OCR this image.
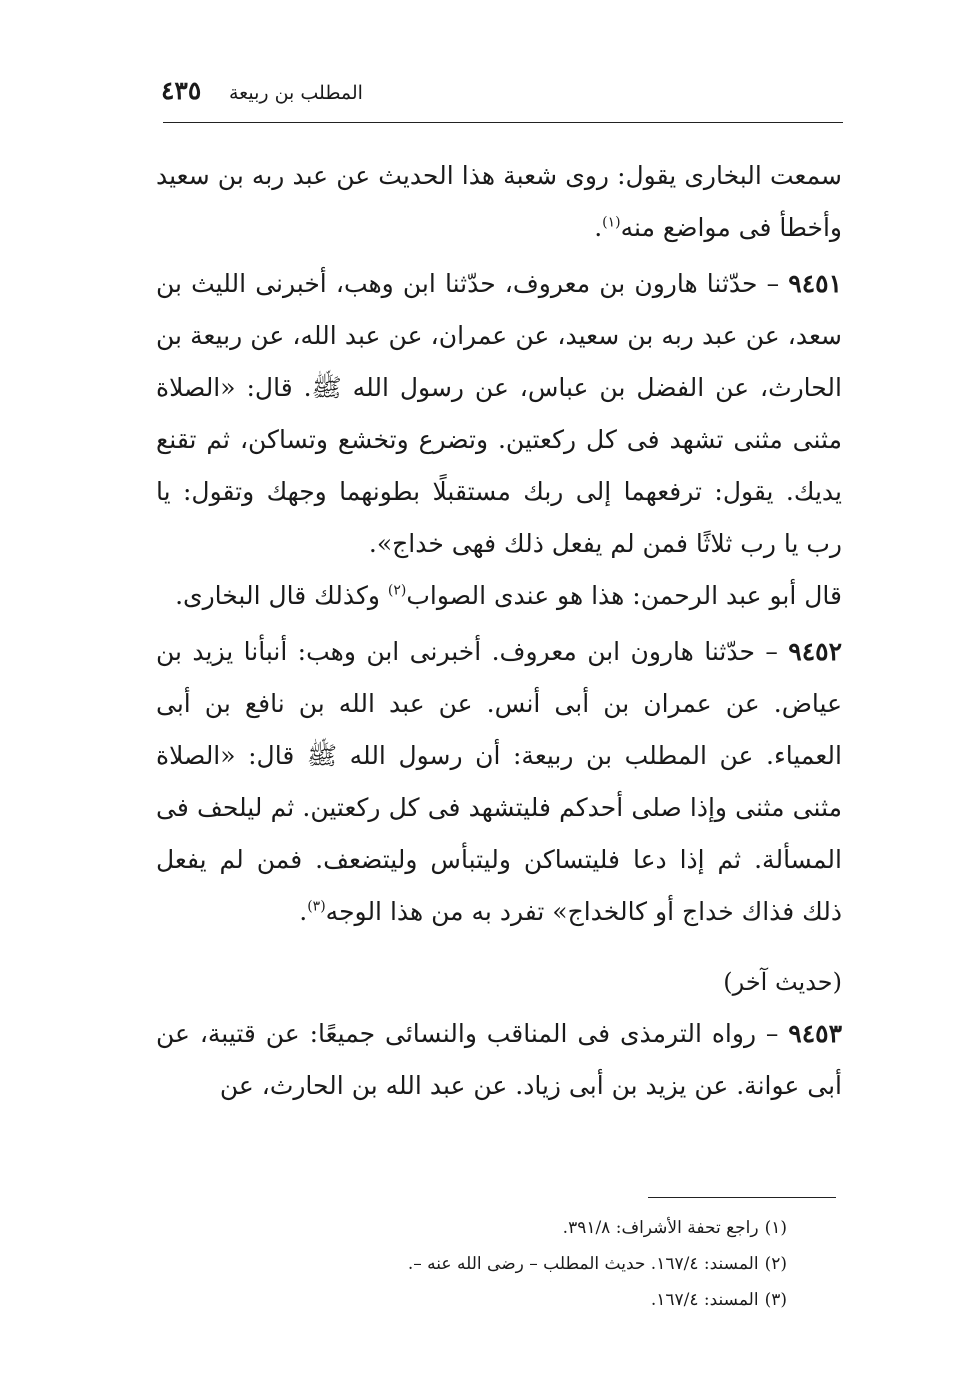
المطلب بن ربيعة
٤٣٥

سمعت البخارى يقول: روى شعبة هذا الحديث عن عبد ربه بن سعيد وأخطأ فى مواضع منه$^{(١)}$.

٩٤٥١ – حدّثنا هارون بن معروف، حدّثنا ابن وهب، أخبرنى الليث بن سعد، عن عبد ربه بن سعيد، عن عمران، عن عبد الله، عن ربيعة بن الحارث، عن الفضل بن عباس، عن رسول الله ﷺ. قال: «الصلاة مثنى مثنى تشهد فى كل ركعتين. وتضرع وتخشع وتساكن، ثم تقنع يديك. يقول: ترفعهما إلى ربك مستقبلًا بطونهما وجهك وتقول: يا رب يا رب ثلاثًا فمن لم يفعل ذلك فهى خداج».

قال أبو عبد الرحمن: هذا هو عندى الصواب$^{(٢)}$ وكذلك قال البخارى.

٩٤٥٢ – حدّثنا هارون ابن معروف. أخبرنى ابن وهب: أنبأنا يزيد بن عياض. عن عمران بن أبى أنس. عن عبد الله بن نافع بن أبى العمياء. عن المطلب بن ربيعة: أن رسول الله ﷺ قال: «الصلاة مثنى مثنى وإذا صلى أحدكم فليتشهد فى كل ركعتين. ثم ليلحف فى المسألة. ثم إذا دعا فليتساكن وليتبأس وليتضعف. فمن لم يفعل ذلك فذاك خداج أو كالخداج» تفرد به من هذا الوجه$^{(٣)}$.

(حديث آخر)

٩٤٥٣ – رواه الترمذى فى المناقب والنسائى جميعًا: عن قتيبة، عن أبى عوانة. عن يزيد بن أبى زياد. عن عبد الله بن الحارث، عن

(١)راجع تحفة الأشراف: ٣٩١/٨.

(٢)المسند: ١٦٧/٤. حديث المطلب – رضى الله عنه –.

(٣)المسند: ١٦٧/٤.
